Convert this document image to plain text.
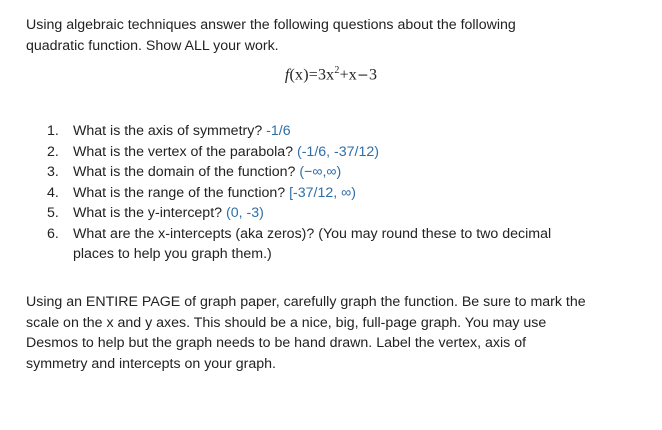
Using algebraic techniques answer the following questions about the following
quadratic function. Show ALL your work.
$f(x)=3x^2+x-3$
1. What is the axis of symmetry? -1/6
2. What is the vertex of the parabola? (-1/6, -37/12)
3. What is the domain of the function? (−∞,∞)
4. What is the range of the function? [-37/12, ∞)
5. What is the y-intercept? (0, -3)
6. What are the x-intercepts (aka zeros)? (You may round these to two decimal
places to help you graph them.)
Using an ENTIRE PAGE of graph paper, carefully graph the function. Be sure to mark the
scale on the x and y axes. This should be a nice, big, full-page graph. You may use
Desmos to help but the graph needs to be hand drawn. Label the vertex, axis of
symmetry and intercepts on your graph.
